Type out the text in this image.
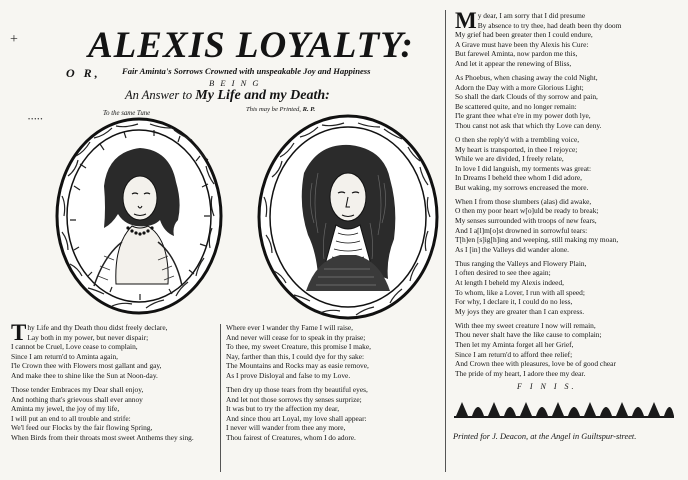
+
•••••
ALEXIS LOYALTY:
O R, Fair Aminta's Sorrows Crowned with unspeakable Joy and Happiness
B E I N G
An Answer to My Life and my Death:
To the same Tune
This may be Printed, R. P.
T hy Life and thy Death thou didst freely declare,
Lay both in my power, but never dispair;
I cannot be Cruel, Love cease to complain,
Since I am return'd to Aminta again,
I'le Crown thee with Flowers most gallant and gay,
And make thee to shine like the Sun at Noon-day.
Those tender Embraces my Dear shall enjoy,
And nothing that's grievous shall ever annoy
Aminta my jewel, the joy of my life,
I will put an end to all trouble and strife:
We'l feed our Flocks by the fair flowing Spring,
When Birds from their throats most sweet Anthems they sing.
Where ever I wander thy Fame I will raise,
And never will cease for to speak in thy praise;
To thee, my sweet Creature, this promise I make,
Nay, farther than this, I could dye for thy sake:
The Mountains and Rocks may as easie remove,
As I prove Disloyal and false to my Love.
Then dry up those tears from thy beautiful eyes,
And let not those sorrows thy senses surprize;
It was but to try the affection my dear,
And since thou art Loyal, my love shall appear:
I never will wander from thee any more,
Thou fairest of Creatures, whom I do adore.
M y dear, I am sorry that I did presume
By absence to try thee, had death been thy doom
My grief had been greater then I could endure,
A Grave must have been thy Alexis his Cure:
But farewel Aminta, now pardon me this,
And let it appear the renewing of Bliss,
As Phoebus, when chasing away the cold Night,
Adorn the Day with a more Glorious Light;
So shall the dark Clouds of thy sorrow and pain,
Be scattered quite, and no longer remain:
I'le grant thee what e're in my power doth lye,
Thou canst not ask that which thy Love can deny.
O then she reply'd with a trembling voice,
My heart is transported, in thee I rejoyce;
While we are divided, I freely relate,
In love I did languish, my torments was great:
In Dreams I beheld thee whom I did adore,
But waking, my sorrows encreased the more.
When I from those slumbers (alas) did awake,
O then my poor heart w[o]uld be ready to break;
My senses surrounded with troops of new fears,
And I a[l]m[o]st drowned in sorrowful tears:
T[h]en [s]ig[h]ing and weeping, still making my moan,
As I [in] the Valleys did wander alone.
Thus ranging the Valleys and Flowery Plain,
I often desired to see thee again;
At length I beheld my Alexis indeed,
To whom, like a Lover, I run with all speed;
For why, I declare it, I could do no less,
My joys they are greater than I can express.
With thee my sweet creature I now will remain,
Thou never shalt have the like cause to complain;
Then let my Aminta forget all her Grief,
Since I am return'd to afford thee relief;
And Crown thee with pleasures, love be of good chear
The pride of my heart, I adore thee my dear.
F I N I S.
Printed for J. Deacon, at the Angel in Guiltspur-street.
